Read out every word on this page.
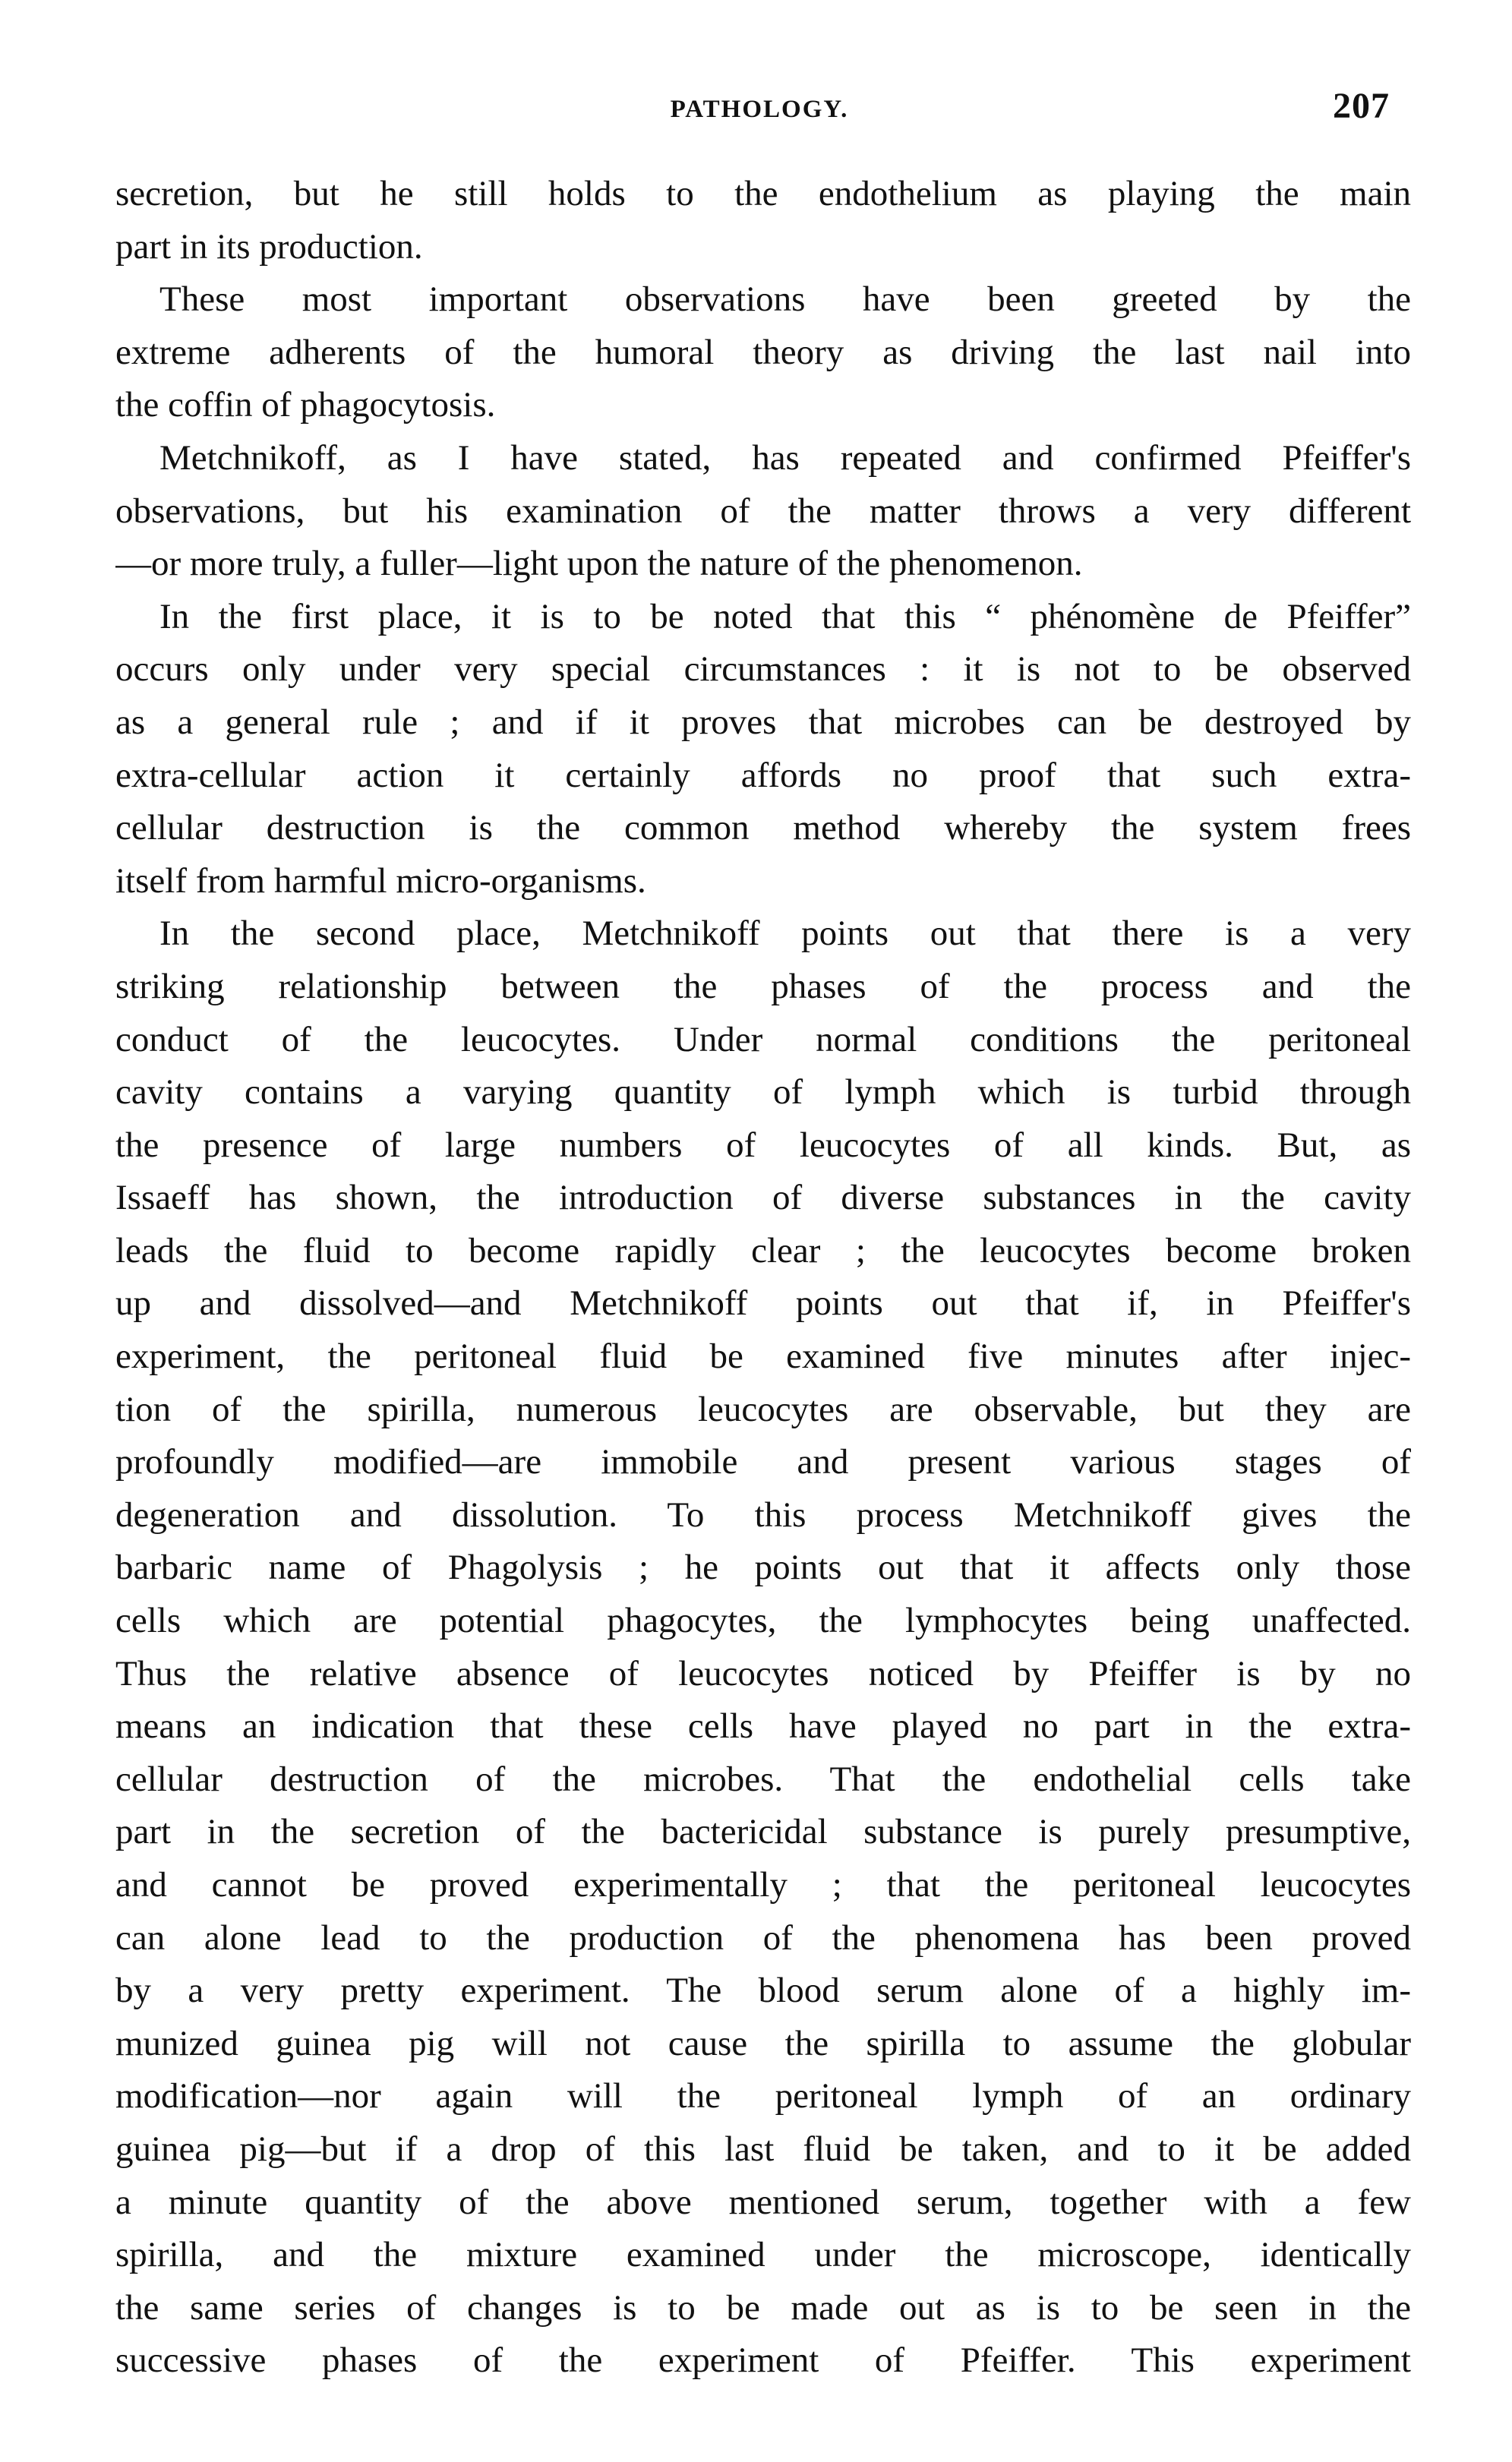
PATHOLOGY.	207
secretion, but he still holds to the endothelium as playing the main
part in its production.
These most important observations have been greeted by the
extreme adherents of the humoral theory as driving the last nail into
the coffin of phagocytosis.
Metchnikoff, as I have stated, has repeated and confirmed Pfeiffer's
observations, but his examination of the matter throws a very different
—or more truly, a fuller—light upon the nature of the phenomenon.
In the first place, it is to be noted that this “ phénomène de Pfeiffer”
occurs only under very special circumstances : it is not to be observed
as a general rule ; and if it proves that microbes can be destroyed by
extra-cellular action it certainly affords no proof that such extra-
cellular destruction is the common method whereby the system frees
itself from harmful micro-organisms.
In the second place, Metchnikoff points out that there is a very
striking relationship between the phases of the process and the
conduct of the leucocytes. Under normal conditions the peritoneal
cavity contains a varying quantity of lymph which is turbid through
the presence of large numbers of leucocytes of all kinds. But, as
Issaeff has shown, the introduction of diverse substances in the cavity
leads the fluid to become rapidly clear ; the leucocytes become broken
up and dissolved—and Metchnikoff points out that if, in Pfeiffer's
experiment, the peritoneal fluid be examined five minutes after injec-
tion of the spirilla, numerous leucocytes are observable, but they are
profoundly modified—are immobile and present various stages of
degeneration and dissolution. To this process Metchnikoff gives the
barbaric name of Phagolysis ; he points out that it affects only those
cells which are potential phagocytes, the lymphocytes being unaffected.
Thus the relative absence of leucocytes noticed by Pfeiffer is by no
means an indication that these cells have played no part in the extra-
cellular destruction of the microbes. That the endothelial cells take
part in the secretion of the bactericidal substance is purely presumptive,
and cannot be proved experimentally ; that the peritoneal leucocytes
can alone lead to the production of the phenomena has been proved
by a very pretty experiment. The blood serum alone of a highly im-
munized guinea pig will not cause the spirilla to assume the globular
modification—nor again will the peritoneal lymph of an ordinary
guinea pig—but if a drop of this last fluid be taken, and to it be added
a minute quantity of the above mentioned serum, together with a few
spirilla, and the mixture examined under the microscope, identically
the same series of changes is to be made out as is to be seen in the
successive phases of the experiment of Pfeiffer. This experiment
